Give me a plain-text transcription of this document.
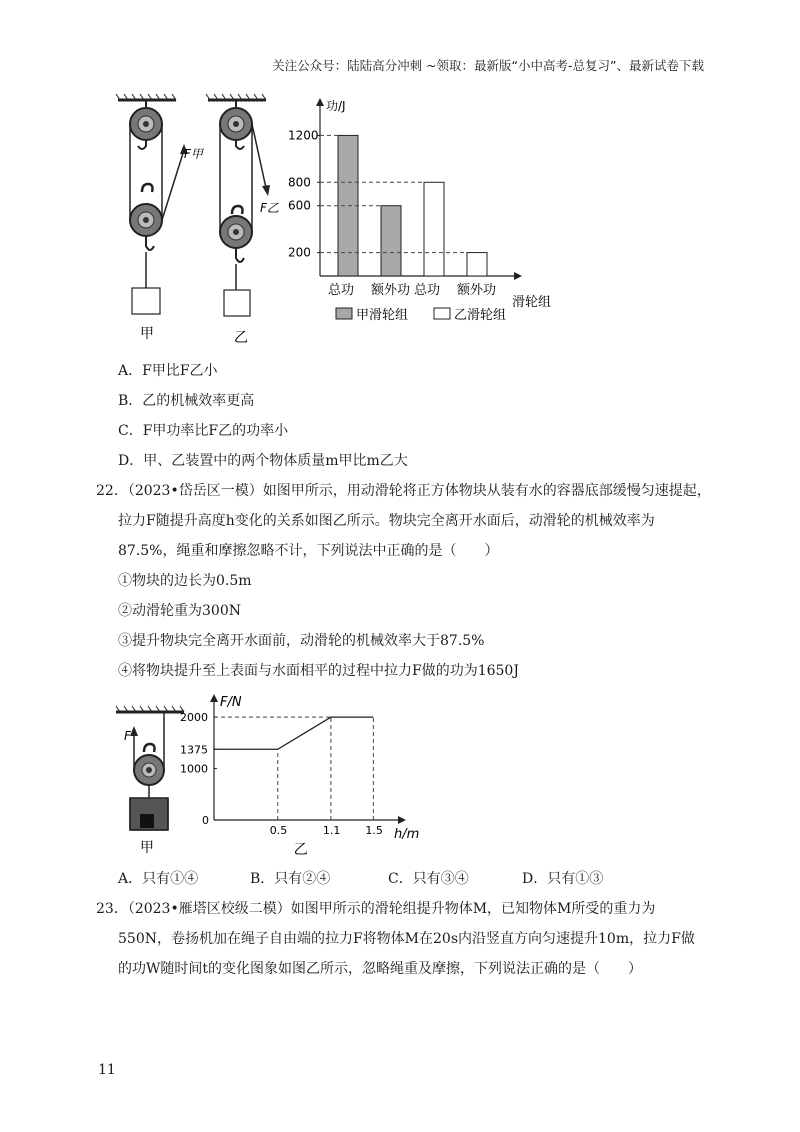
关注公众号：陆陆高分冲刺 ~领取：最新版“小中高考-总复习”、最新试卷下载
F甲
甲
F乙
乙
功/J
滑轮组
总功 额外功 总功 额外功
200
600
800
1200
甲滑轮组	乙滑轮组
A．F甲比F乙小
B．乙的机械效率更高
C．F甲功率比F乙的功率小
D．甲、乙装置中的两个物体质量m甲比m乙大
22．（2023•岱岳区一模）如图甲所示，用动滑轮将正方体物块从装有水的容器底部缓慢匀速提起，
拉力F随提升高度h变化的关系如图乙所示。物块完全离开水面后，动滑轮的机械效率为
87.5%，绳重和摩擦忽略不计，下列说法中正确的是（　　）
①物块的边长为0.5m
②动滑轮重为300N
③提升物块完全离开水面前，动滑轮的机械效率大于87.5%
④将物块提升至上表面与水面相平的过程中拉力F做的功为1650J
F
甲
F/N
h/m
0
1000
1375
2000
0.5	1.1 1.5
乙
A．只有①④	B．只有②④	C．只有③④	D．只有①③
23．（2023•雁塔区校级二模）如图甲所示的滑轮组提升物体M，已知物体M所受的重力为
550N，卷扬机加在绳子自由端的拉力F将物体M在20s内沿竖直方向匀速提升10m，拉力F做
的功W随时间t的变化图象如图乙所示，忽略绳重及摩擦，下列说法正确的是（　　）
11
